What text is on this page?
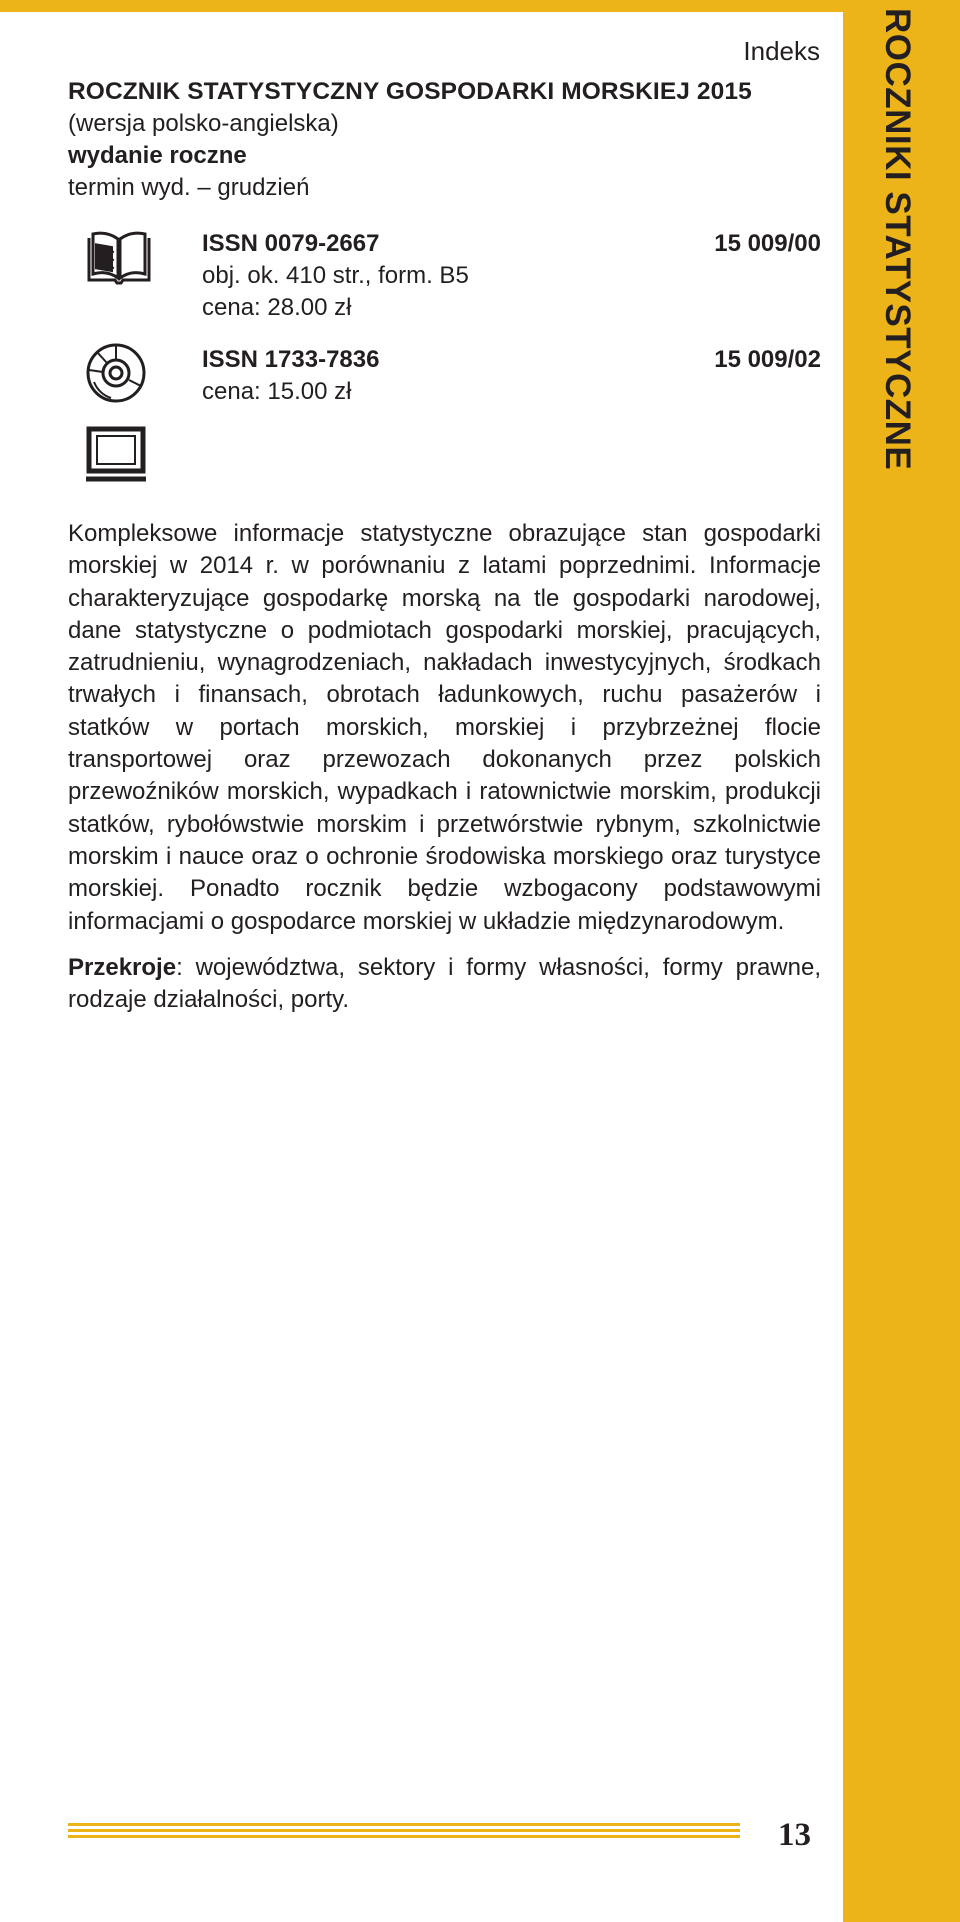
ROCZNIKI STATYSTYCZNE
Indeks
ROCZNIK STATYSTYCZNY GOSPODARKI MORSKIEJ 2015
(wersja polsko-angielska)
wydanie roczne
termin wyd. – grudzień
ISSN 0079-2667	15 009/00
obj. ok. 410 str., form. B5
cena: 28.00 zł
ISSN 1733-7836	15 009/02
cena: 15.00 zł

Kompleksowe informacje statystyczne obrazujące stan gospodarki morskiej w 2014 r. w porównaniu z latami poprzednimi. Informacje charakteryzujące gospodarkę morską na tle gospodarki narodowej, dane statystyczne o podmiotach gospodarki morskiej, pracujących, zatrudnieniu, wynagrodzeniach, nakładach inwestycyjnych, środkach trwałych i finansach, obrotach ładunkowych, ruchu pasażerów i statków w portach morskich, morskiej i przybrzeżnej flocie transportowej oraz przewozach dokonanych przez polskich przewoźników morskich, wypadkach i ratownictwie morskim, produkcji statków, rybołówstwie morskim i przetwórstwie rybnym, szkolnictwie morskim i nauce oraz o ochronie środowiska morskiego oraz turystyce morskiej. Ponadto rocznik będzie wzbogacony podstawowymi informacjami o gospodarce morskiej w układzie międzynarodowym.

Przekroje: województwa, sektory i formy własności, formy prawne, rodzaje działalności, porty.

13
